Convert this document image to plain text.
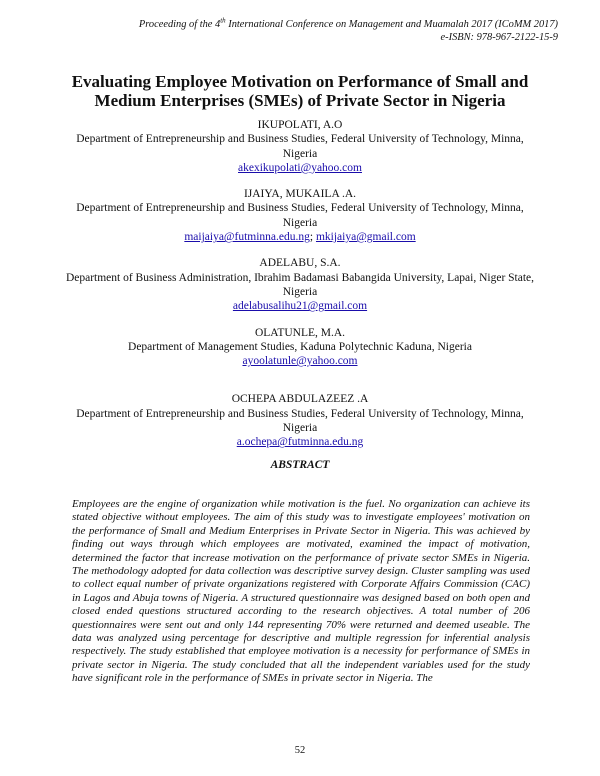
Proceeding of the 4th International Conference on Management and Muamalah 2017 (ICoMM 2017)
e-ISBN: 978-967-2122-15-9
Evaluating Employee Motivation on Performance of Small and Medium Enterprises (SMEs) of Private Sector in Nigeria

IKUPOLATI, A.O

Department of Entrepreneurship and Business Studies, Federal University of Technology, Minna, Nigeria

akexikupolati@yahoo.com

IJAIYA, MUKAILA .A.

Department of Entrepreneurship and Business Studies, Federal University of Technology, Minna, Nigeria

maijaiya@futminna.edu.ng; mkijaiya@gmail.com

ADELABU, S.A.

Department of Business Administration, Ibrahim Badamasi Babangida University, Lapai, Niger State, Nigeria

adelabusalihu21@gmail.com

OLATUNLE, M.A.

Department of Management Studies, Kaduna Polytechnic Kaduna, Nigeria

ayoolatunle@yahoo.com

OCHEPA ABDULAZEEZ .A

Department of Entrepreneurship and Business Studies, Federal University of Technology, Minna, Nigeria

a.ochepa@futminna.edu.ng

ABSTRACT

Employees are the engine of organization while motivation is the fuel. No organization can achieve its stated objective without employees. The aim of this study was to investigate employees' motivation on the performance of Small and Medium Enterprises in Private Sector in Nigeria. This was achieved by finding out ways through which employees are motivated, examined the impact of motivation, determined the factor that increase motivation on the performance of private sector SMEs in Nigeria. The methodology adopted for data collection was descriptive survey design. Cluster sampling was used to collect equal number of private organizations registered with Corporate Affairs Commission (CAC) in Lagos and Abuja towns of Nigeria. A structured questionnaire was designed based on both open and closed ended questions structured according to the research objectives. A total number of 206 questionnaires were sent out and only 144 representing 70% were returned and deemed useable. The data was analyzed using percentage for descriptive and multiple regression for inferential analysis respectively. The study established that employee motivation is a necessity for performance of SMEs in private sector in Nigeria. The study concluded that all the independent variables used for the study have significant role in the performance of SMEs in private sector in Nigeria. The

52
